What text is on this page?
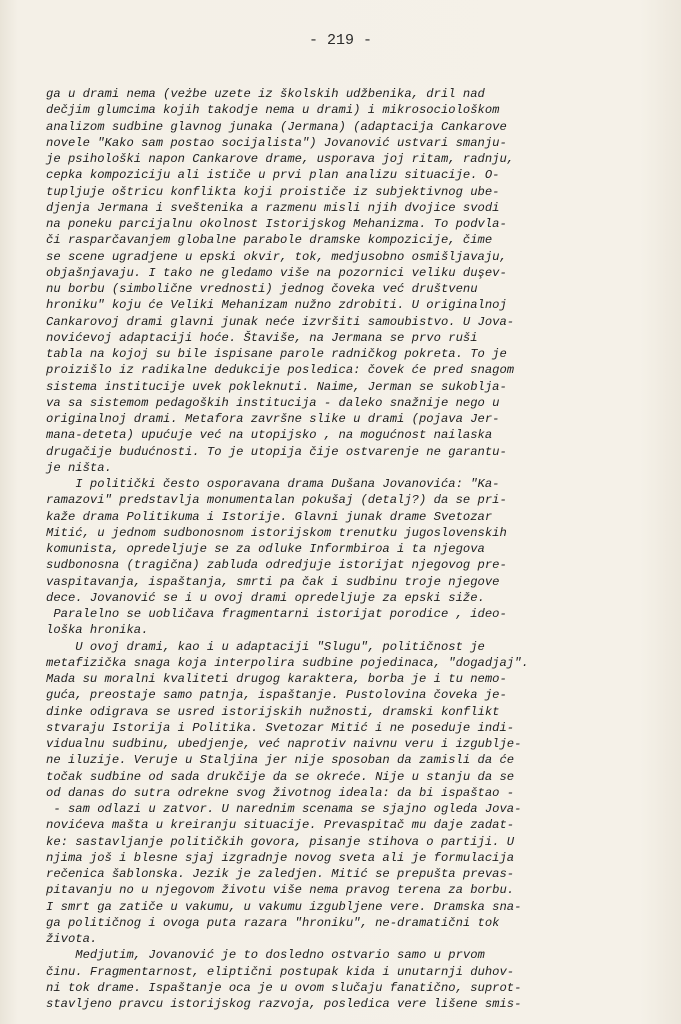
- 219 -
ga u drami nema (veżbe uzete iz školskih udžbenika, dril nad
dečjim glumcima kojih takodje nema u drami) i mikrosociološkom
analizom sudbine glavnog junaka (Jermana) (adaptacija Cankarove
novele "Kako sam postao socijalista") Jovanović ustvari smanju-
je psihološki napon Cankarove drame, usporava joj ritam, radnju,
cepka kompoziciju ali ističe u prvi plan analizu situacije. O-
tupljuje oštricu konflikta koji proističe iz subjektivnog ubе-
djenja Jermana i sveštenika a razmenu misli njih dvojice svodi
na poneku parcijalnu okolnost Istorijskog Mehanizma. To podvla-
či rasparčavanjem globalne parabole dramske kompozicije, čime
se scene ugradjene u epski okvir, tok, medjusobno osmišljavaju,
objašnjavaju. I tako ne gledamo više na pozornici veliku duşev-
nu borbu (simbolične vrednosti) jednog čoveka već društvenu
hroniku" koju će Veliki Mehanizam nužno zdrobiti. U originalnoj
Cankarovoj drami glavni junak neće izvršiti samoubistvo. U Jova-
novićevoj adaptaciji hoće. Štaviše, na Jermana se prvo ruši
tabla na kojoj su bile ispisane parole radničkog pokreta. To je
proizišlo iz radikalne dedukcije posledica: čovek će pred snagom
sistema institucije uvek pokleknuti. Naime, Jerman se sukoblja-
va sa sistemom pedagoških institucija - daleko snažnije nego u
originalnoj drami. Metafora završne slike u drami (pojava Jer-
mana-deteta) upućuje već na utopijsko , na mogućnost nailaska
drugačije budućnosti. To je utopija čije ostvarenje ne garantu-
je ništa.
I politički često osporavana drama Dušana Jovanovića: "Ka-
ramazovi" predstavlja monumentalan pokušaj (detalj?) da se pri-
kaže drama Politikuma i Istorije. Glavni junak drame Svetozar
Mitić, u jednom sudbonosnom istorijskom trenutku jugoslovenskih
komunista, opredeljuje se za odluke Informbiroa i ta njegova
sudbonosna (tragična) zabluda odredjuje istorijat njegovog pre-
vaspitavanja, ispaštanja, smrti pa čak i sudbinu troje njegove
dece. Jovanović se i u ovoj drami opredeljuje za epski siže.
Paralelno se uobličava fragmentarni istorijat porodice , ideo-
loška hronika.
U ovoj drami, kao i u adaptaciji "Slugu", političnost je
metafizička snaga koja interpolira sudbine pojedinaca, "dogadjaj".
Mada su moralni kvaliteti drugog karaktera, borba je i tu nemo-
guća, preostaje samo patnja, ispaštanje. Pustolovina čoveka je-
dinke odigrava se usred istorijskih nužnosti, dramski konflikt
stvaraju Istorija i Politika. Svetozar Mitić i ne poseduje indi-
vidualnu sudbinu, ubedjenje, već naprotiv naivnu veru i izgublje-
ne iluzije. Veruje u Staljina jer nije sposoban da zamisli da će
točak sudbine od sada drukčije da se okreće. Nije u stanju da se
od danas do sutra odrekne svog životnog ideala: da bi ispaštao -
- sam odlazi u zatvor. U narednim scenama se sjajno ogleda Jova-
novićeva mašta u kreiranju situacije. Prevaspitač mu daje zadat-
ke: sastavljanje političkih govora, pisanje stihova o partiji. U
njima još i blesne sjaj izgradnje novog sveta ali je formulacija
rečenica šablonska. Jezik je zaledjen. Mitić se prepušta prevas-
pitavanju no u njegovom životu više nema pravog terena za borbu.
I smrt ga zatiče u vakumu, u vakumu izgubljene vere. Dramska sna-
ga političnog i ovoga puta razara "hroniku", ne-dramatični tok
života.
Medjutim, Jovanović je to dosledno ostvario samo u prvom
činu. Fragmentarnost, eliptični postupak kida i unutarnji duhov-
ni tok drame. Ispaštanje oca je u ovom slučaju fanatično, suprot-
stavljeno pravcu istorijskog razvoja, posledica vere lišene smis-
